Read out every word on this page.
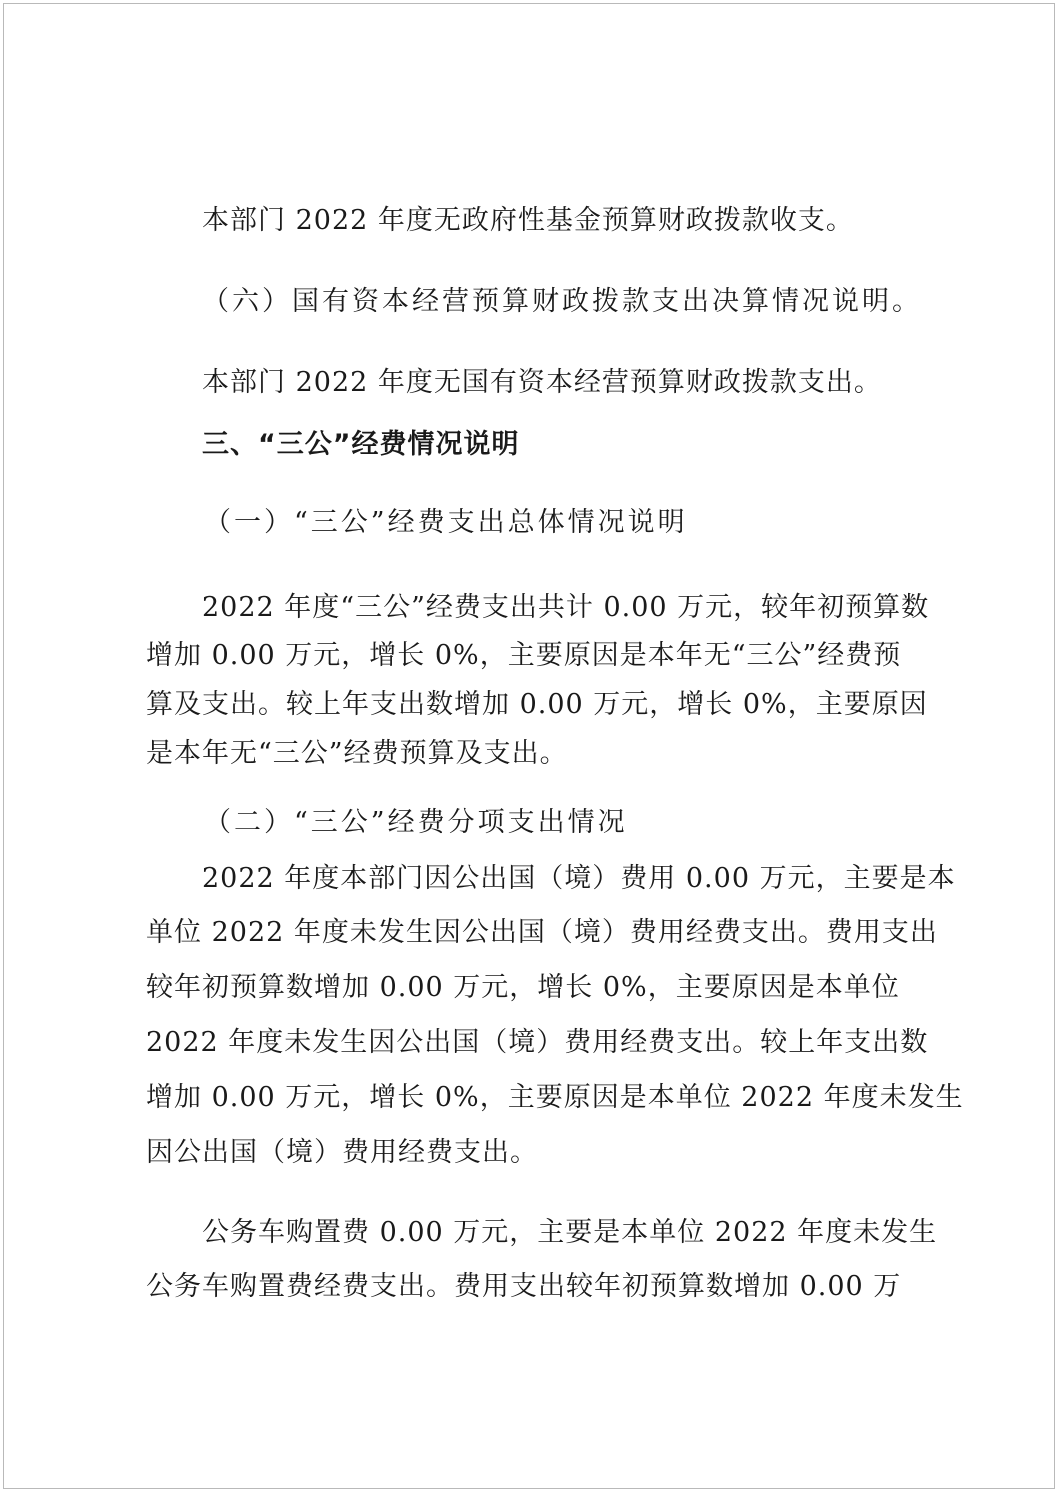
本部门 2022 年度无政府性基金预算财政拨款收支。
（六）国有资本经营预算财政拨款支出决算情况说明。
本部门 2022 年度无国有资本经营预算财政拨款支出。
三、“三公”经费情况说明
（一）“三公”经费支出总体情况说明
2022 年度“三公”经费支出共计 0.00 万元，较年初预算数
增加 0.00 万元，增长 0%，主要原因是本年无“三公”经费预
算及支出。较上年支出数增加 0.00 万元，增长 0%，主要原因
是本年无“三公”经费预算及支出。
（二）“三公”经费分项支出情况
2022 年度本部门因公出国（境）费用 0.00 万元，主要是本
单位 2022 年度未发生因公出国（境）费用经费支出。费用支出
较年初预算数增加 0.00 万元，增长 0%，主要原因是本单位
2022 年度未发生因公出国（境）费用经费支出。较上年支出数
增加 0.00 万元，增长 0%，主要原因是本单位 2022 年度未发生
因公出国（境）费用经费支出。
公务车购置费 0.00 万元，主要是本单位 2022 年度未发生
公务车购置费经费支出。费用支出较年初预算数增加 0.00 万
